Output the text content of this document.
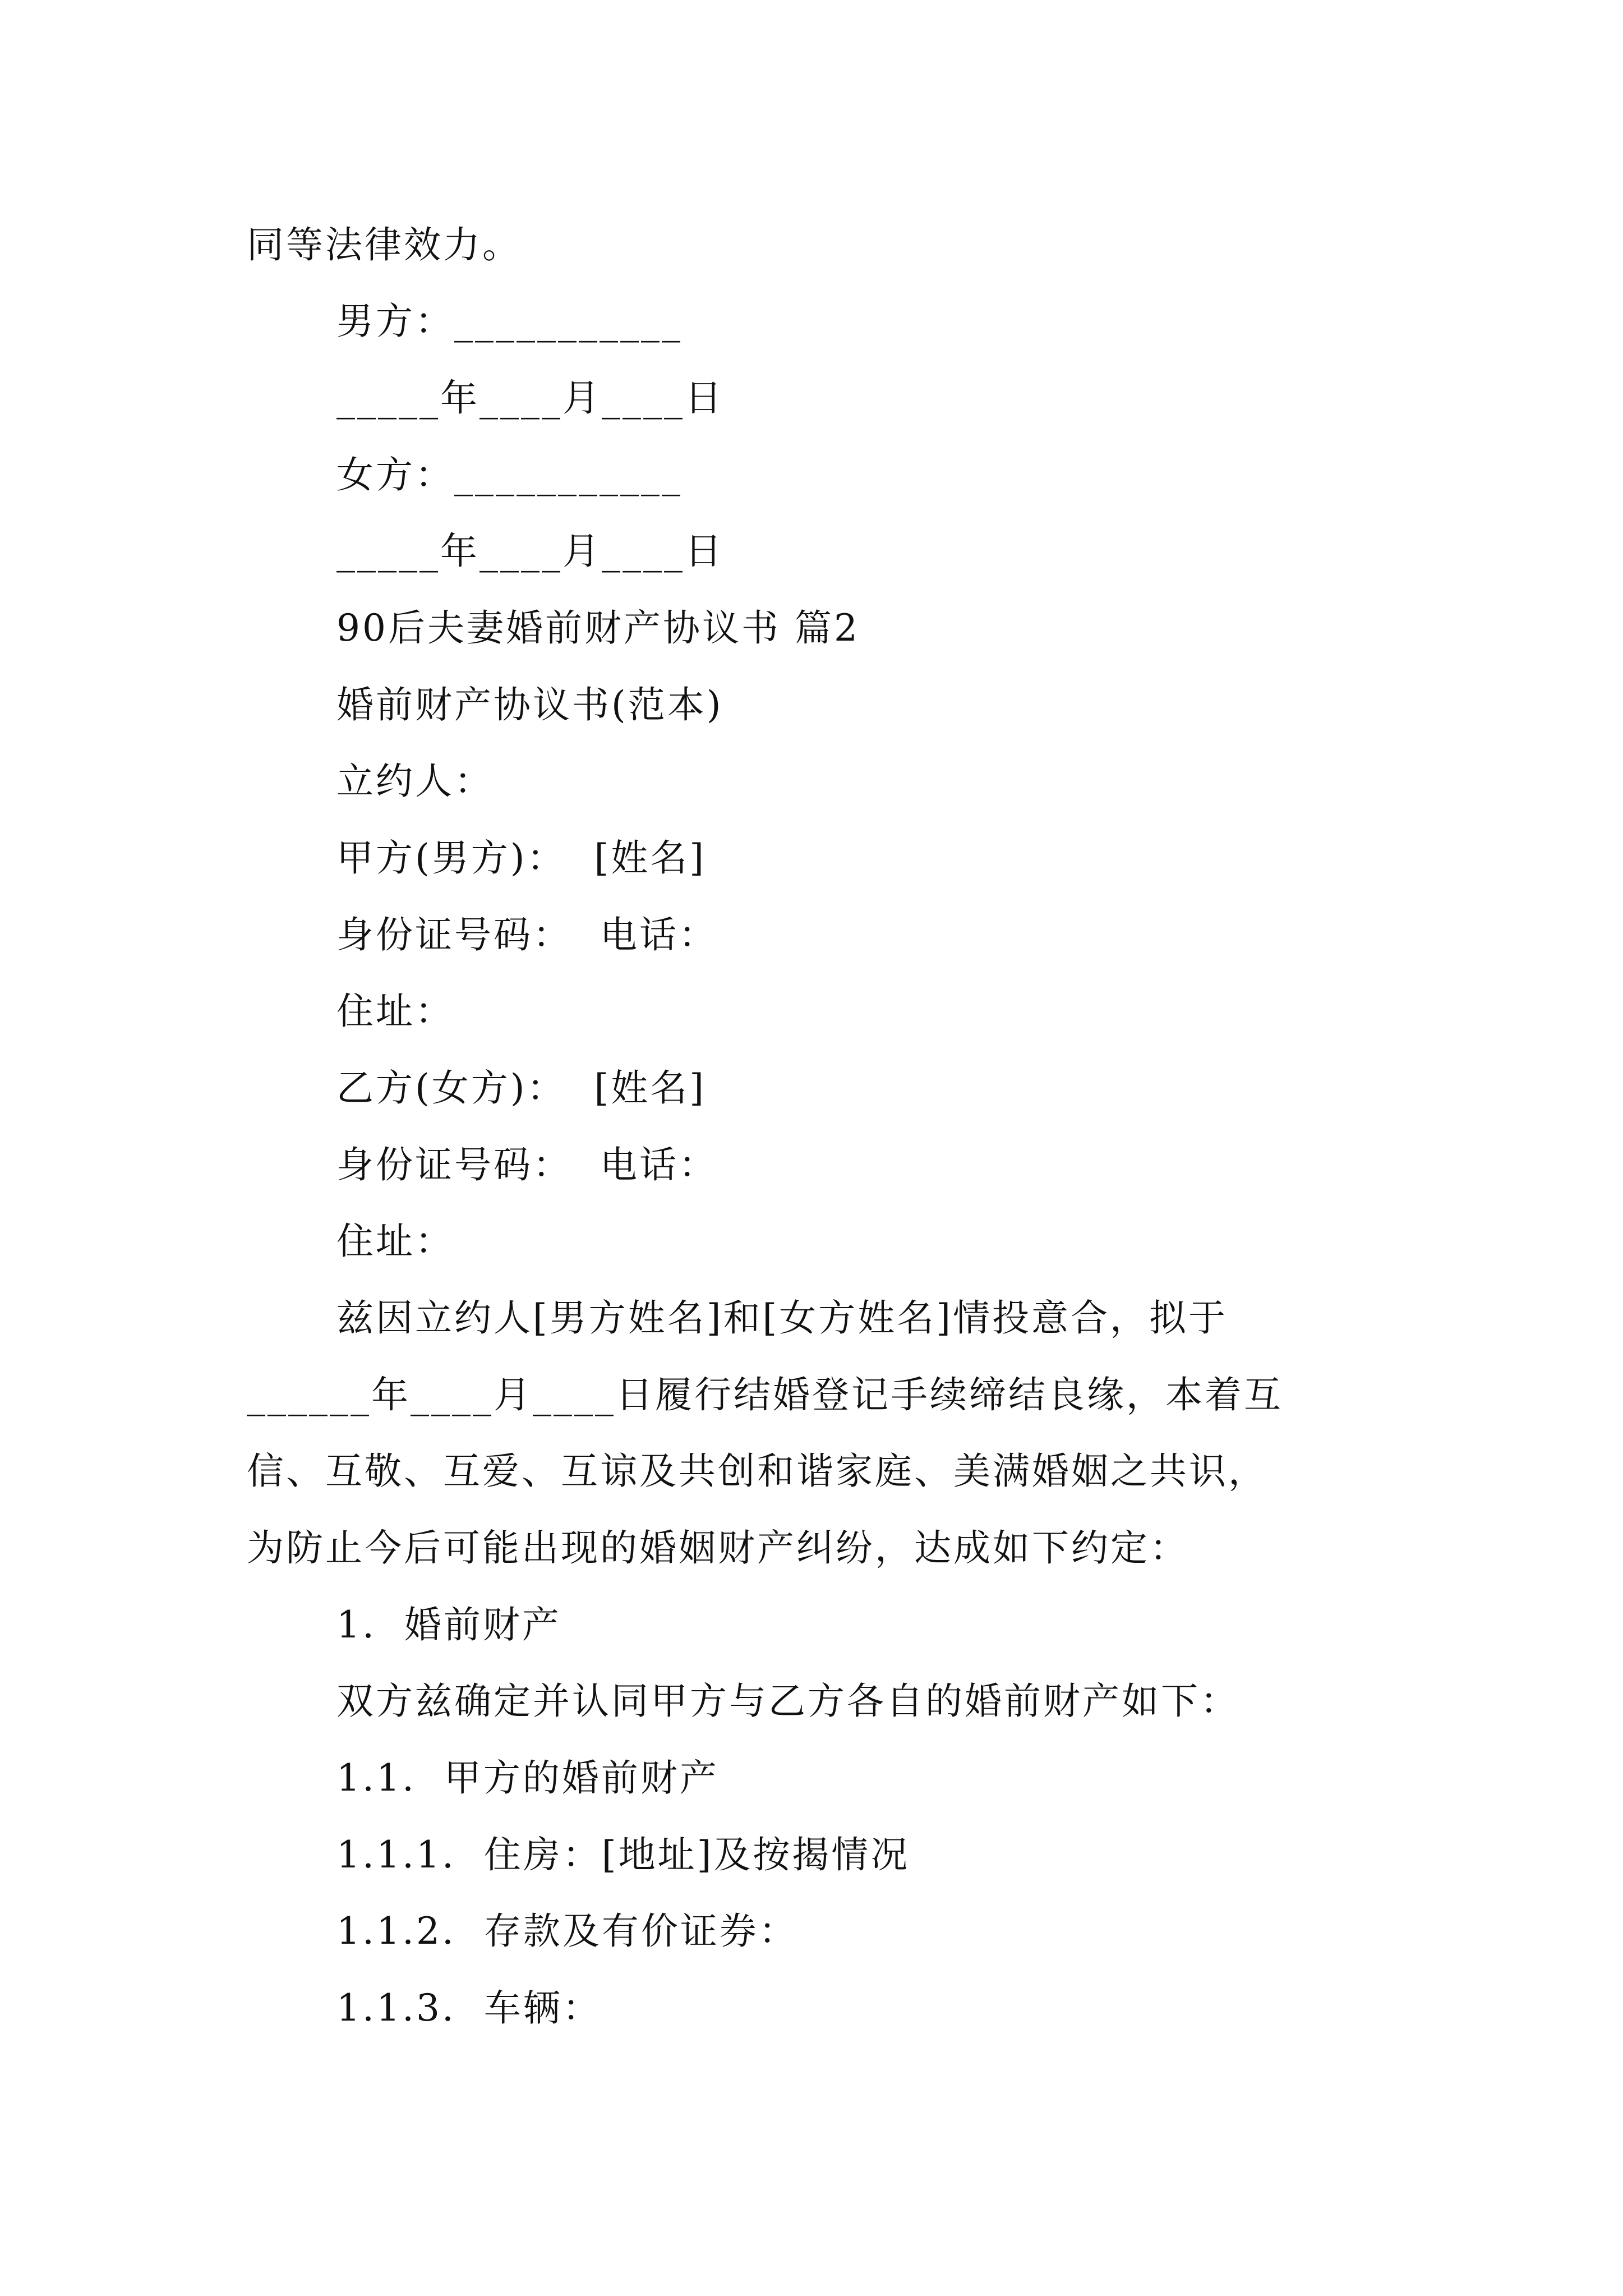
同等法律效力。
男方：___________
_____年____月____日
女方：___________
_____年____月____日
90后夫妻婚前财产协议书 篇2
婚前财产协议书(范本)
立约人：
甲方(男方)：  [姓名]
身份证号码：  电话：
住址：
乙方(女方)：  [姓名]
身份证号码：  电话：
住址：
兹因立约人[男方姓名]和[女方姓名]情投意合，拟于
______年____月____日履行结婚登记手续缔结良缘，本着互
信、互敬、互爱、互谅及共创和谐家庭、美满婚姻之共识，
为防止今后可能出现的婚姻财产纠纷，达成如下约定：
1.  婚前财产
双方兹确定并认同甲方与乙方各自的婚前财产如下：
1.1.  甲方的婚前财产
1.1.1.  住房：[地址]及按揭情况
1.1.2.  存款及有价证券：
1.1.3.  车辆：
